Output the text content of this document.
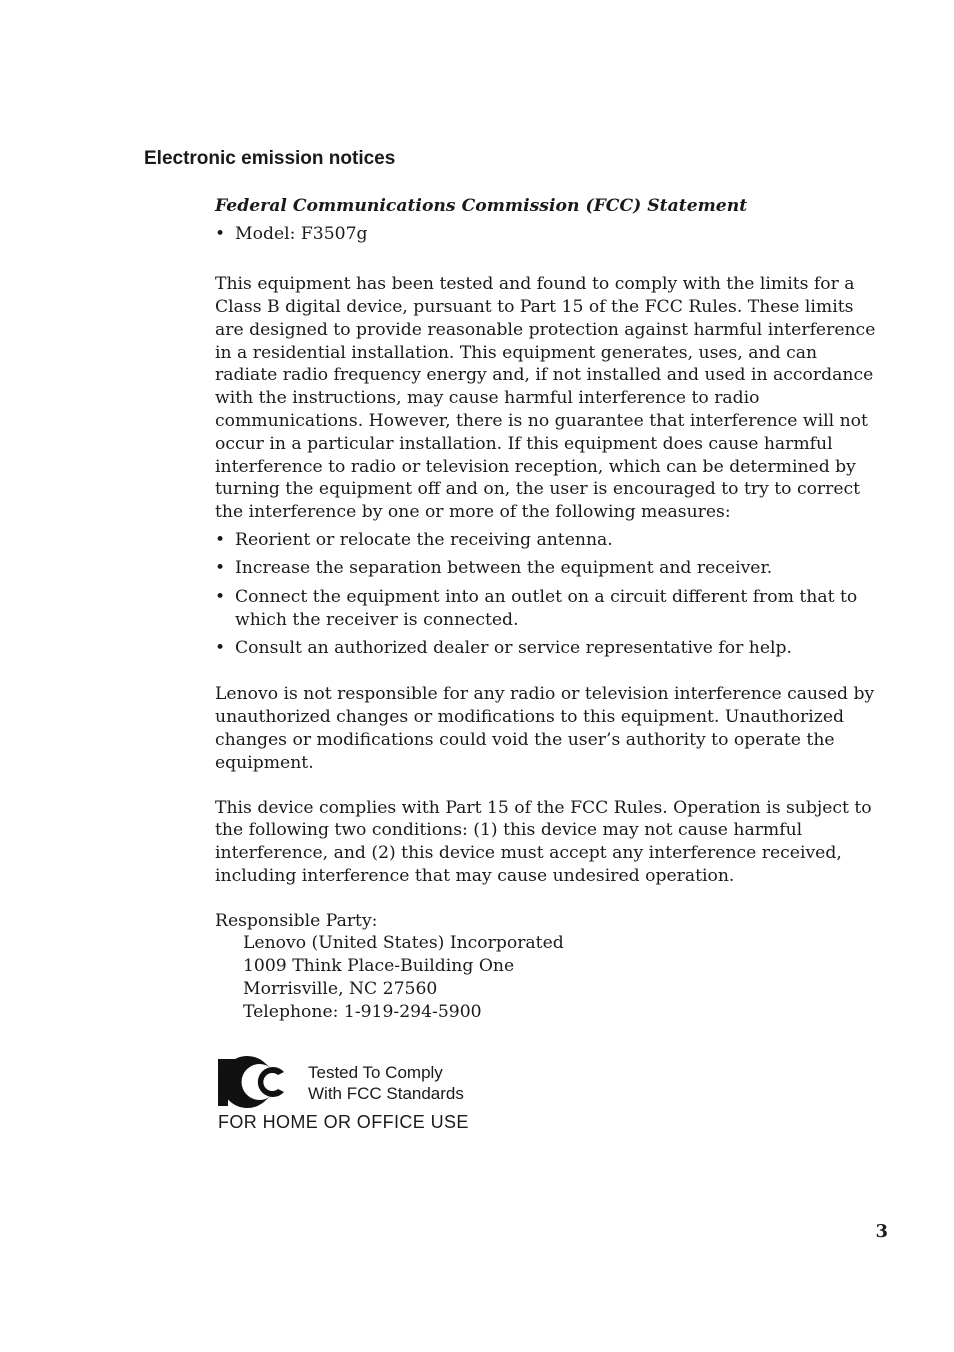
Electronic emission notices
Federal Communications Commission (FCC) Statement
• Model: F3507g

This equipment has been tested and found to comply with the limits for a Class B digital device, pursuant to Part 15 of the FCC Rules. These limits are designed to provide reasonable protection against harmful interference in a residential installation. This equipment generates, uses, and can radiate radio frequency energy and, if not installed and used in accordance with the instructions, may cause harmful interference to radio communications. However, there is no guarantee that interference will not occur in a particular installation. If this equipment does cause harmful interference to radio or television reception, which can be determined by turning the equipment off and on, the user is encouraged to try to correct the interference by one or more of the following measures:

• Reorient or relocate the receiving antenna.
• Increase the separation between the equipment and receiver.
• Connect the equipment into an outlet on a circuit different from that to which the receiver is connected.
• Consult an authorized dealer or service representative for help.

Lenovo is not responsible for any radio or television interference caused by unauthorized changes or modifications to this equipment. Unauthorized changes or modifications could void the user’s authority to operate the equipment.

This device complies with Part 15 of the FCC Rules. Operation is subject to the following two conditions: (1) this device may not cause harmful interference, and (2) this device must accept any interference received, including interference that may cause undesired operation.

Responsible Party:
Lenovo (United States) Incorporated
1009 Think Place-Building One
Morrisville, NC 27560
Telephone: 1-919-294-5900
Tested To Comply
With FCC Standards
FOR HOME OR OFFICE USE
3
